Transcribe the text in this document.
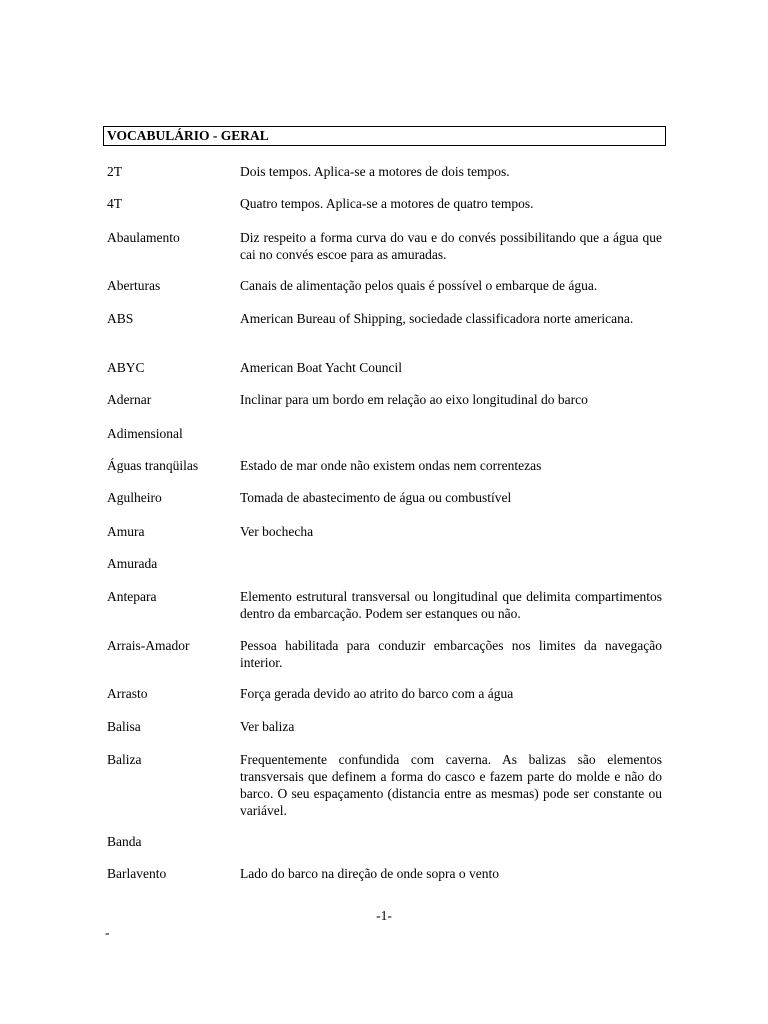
VOCABULÁRIO - GERAL
2T	Dois tempos. Aplica-se a motores de dois tempos.
4T	Quatro tempos. Aplica-se a motores de quatro tempos.
Abaulamento	Diz respeito a forma curva do vau e do convés possibilitando que a água que cai no convés escoe para as amuradas.
Aberturas	Canais de alimentação pelos quais é possível o embarque de água.
ABS	American Bureau of Shipping, sociedade classificadora norte americana.
ABYC	American Boat Yacht Council
Adernar	Inclinar para um bordo em relação ao eixo longitudinal do barco
Adimensional
Águas tranqüilas	Estado de mar onde não existem ondas nem correntezas
Agulheiro	Tomada de abastecimento de água ou combustível
Amura	Ver bochecha
Amurada
Antepara	Elemento estrutural transversal ou longitudinal que delimita compartimentos dentro da embarcação. Podem ser estanques ou não.
Arrais-Amador	Pessoa habilitada para conduzir embarcações nos limites da navegação interior.
Arrasto	Força gerada devido ao atrito do barco com a água
Balisa	Ver baliza
Baliza	Frequentemente confundida com caverna. As balizas são elementos transversais que definem a forma do casco e fazem parte do molde e não do barco. O seu espaçamento (distancia entre as mesmas) pode ser constante ou variável.
Banda
Barlavento	Lado do barco na direção de onde sopra o vento
-1-
-
